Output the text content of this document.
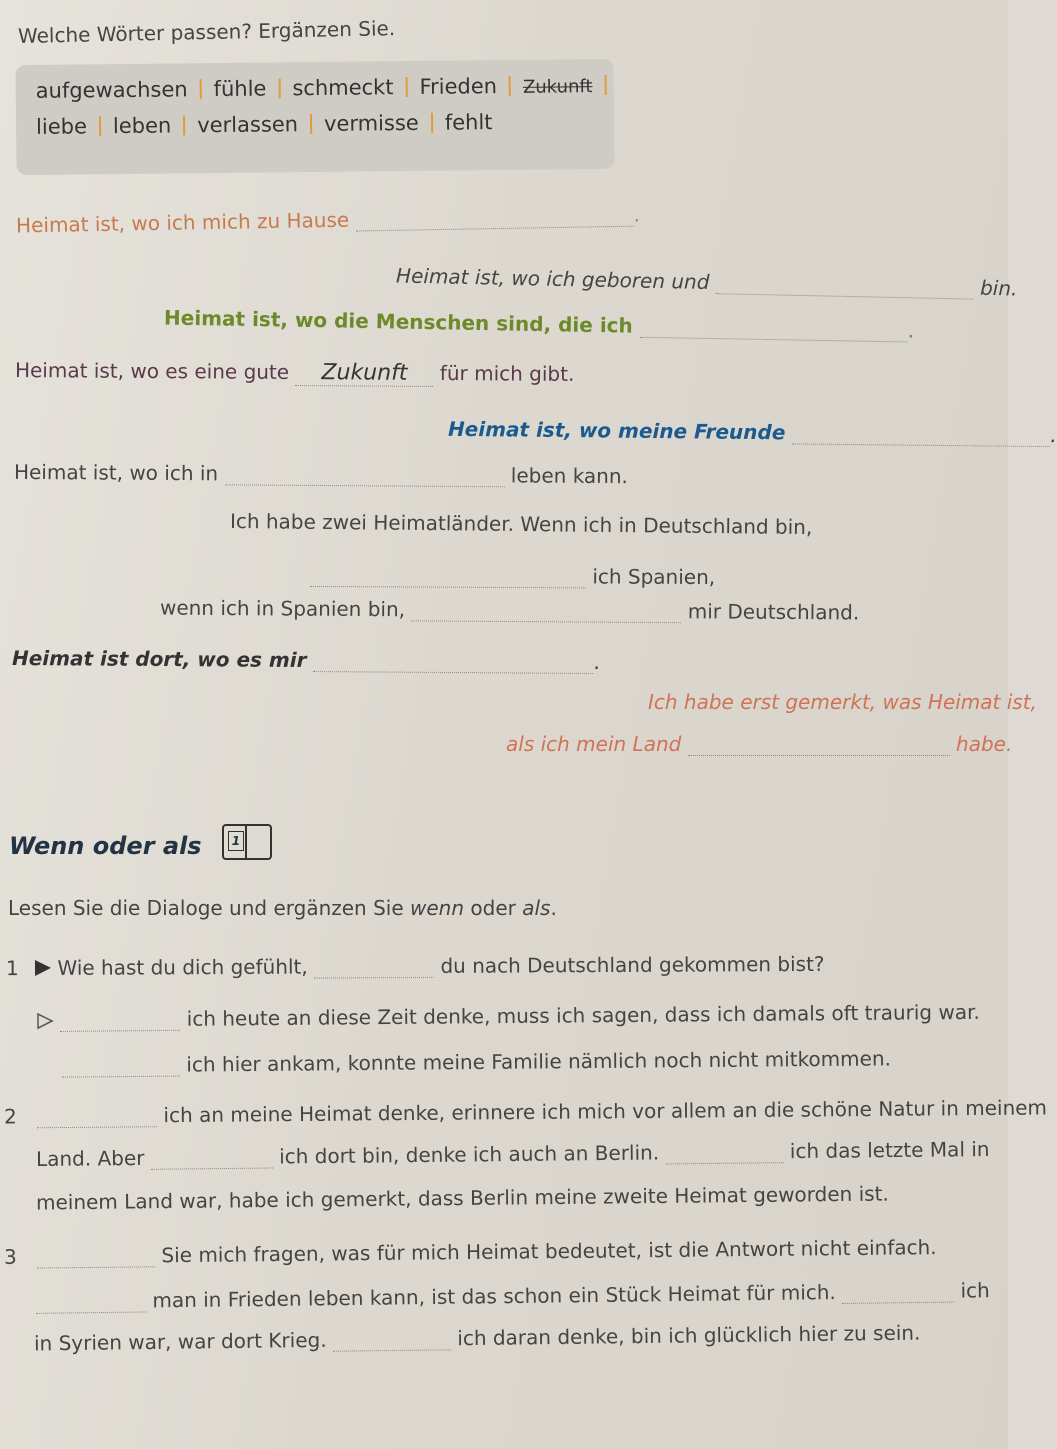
Welche Wörter passen? Ergänzen Sie.
aufgewachsen fühle schmeckt Frieden Zukunft
liebe leben verlassen vermisse fehlt
Heimat ist, wo ich mich zu Hause	.
Heimat ist, wo ich geboren und	bin.
Heimat ist, wo die Menschen sind, die ich	.
Heimat ist, wo es eine gute Zukunft für mich gibt.
Heimat ist, wo meine Freunde	.
Heimat ist, wo ich in	leben kann.
Ich habe zwei Heimatländer. Wenn ich in Deutschland bin,
ich Spanien,
wenn ich in Spanien bin,	mir Deutschland.
Heimat ist dort, wo es mir	.
Ich habe erst gemerkt, was Heimat ist,
als ich mein Land	habe.
Wenn oder als	1
Lesen Sie die Dialoge und ergänzen Sie wenn oder als.
1 Wie hast du dich gefühlt,	du nach Deutschland gekommen bist?
ich heute an diese Zeit denke, muss ich sagen, dass ich damals oft traurig war.
ich hier ankam, konnte meine Familie nämlich noch nicht mitkommen.
2	ich an meine Heimat denke, erinnere ich mich vor allem an die schöne Natur in meinem
Land. Aber	ich dort bin, denke ich auch an Berlin.	ich das letzte Mal in
meinem Land war, habe ich gemerkt, dass Berlin meine zweite Heimat geworden ist.
3	Sie mich fragen, was für mich Heimat bedeutet, ist die Antwort nicht einfach.
man in Frieden leben kann, ist das schon ein Stück Heimat für mich.	ich
in Syrien war, war dort Krieg.	ich daran denke, bin ich glücklich hier zu sein.
